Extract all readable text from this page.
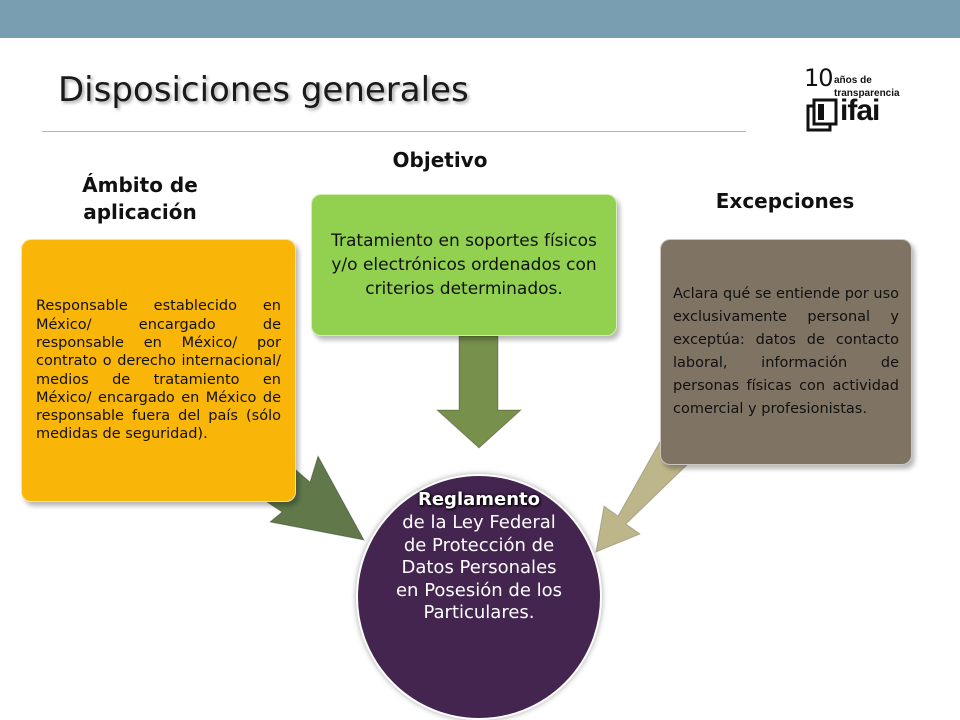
Disposiciones generales	10 años de
transparencia
ifai
Objetivo
Ámbito de aplicación	Excepciones

Responsable establecido en México/ encargado de responsable en México/ por contrato o derecho internacional/ medios de tratamiento en México/ encargado en México de responsable fuera del país (sólo medidas de seguridad).

Tratamiento en soportes físicos y/o electrónicos ordenados con criterios determinados.	Aclara qué se entiende por uso exclusivamente personal y exceptúa: datos de contacto laboral, información de personas físicas con actividad comercial y profesionistas.

Reglamento

de la Ley Federal de Protección de Datos Personales en Posesión de los Particulares.
